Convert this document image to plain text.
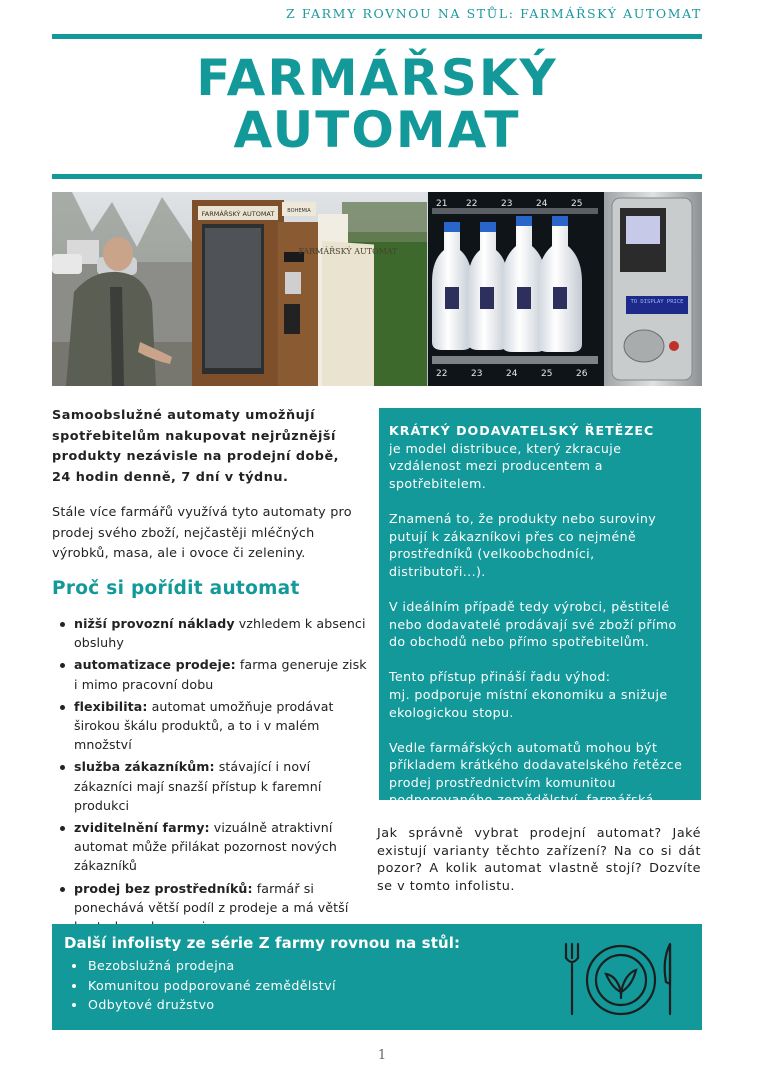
Z FARMY ROVNOU NA STŮL: FARMÁŘSKÝ AUTOMAT
FARMÁŘSKÝ
AUTOMAT
FARMÁŘSKÝ AUTOMAT	BOHEMIA
FARMÁŘSKÝ AUTOMAT
21 22	23	24	25
22	23	24	25	26
TO DISPLAY PRICE
Samoobslužné automaty umožňují spotřebitelům nakupovat nejrůznější produkty nezávisle na prodejní době, 24 hodin denně, 7 dní v týdnu.
Stále více farmářů využívá tyto automaty pro prodej svého zboží, nejčastěji mléčných výrobků, masa, ale i ovoce či zeleniny.
Proč si pořídit automat
nižší provozní náklady vzhledem k absenci obsluhy
automatizace prodeje: farma generuje zisk i mimo pracovní dobu
flexibilita: automat umožňuje prodávat širokou škálu produktů, a to i v malém množství
služba zákazníkům: stávající i noví zákazníci mají snazší přístup k faremní produkci
zviditelnění farmy: vizuálně atraktivní automat může přilákat pozornost nových zákazníků
prodej bez prostředníků: farmář si ponechává větší podíl z prodeje a má větší
KRÁTKÝ DODAVATELSKÝ ŘETĚZEC

je model distribuce, který zkracuje vzdálenost mezi producentem a spotřebitelem.

Znamená to, že produkty nebo suroviny putují k zákazníkovi přes co nejméně prostředníků (velkoobchodníci, distributoři...).

V ideálním případě tedy výrobci, pěstitelé nebo dodavatelé prodávají své zboží přímo do obchodů nebo přímo spotřebitelům.

Tento přístup přináší řadu výhod:
mj. podporuje místní ekonomiku a snižuje ekologickou stopu.

Vedle farmářských automatů mohou být příkladem krátkého dodavatelského řetězce prodej prostřednictvím komunitou podporovaného zemědělství, farmářská prodejna či spolkový obchod.

Jak správně vybrat prodejní automat? Jaké existují varianty těchto zařízení? Na co si dát pozor? A kolik automat vlastně stojí? Dozvíte se v tomto infolistu.
Další infolisty ze série Z farmy rovnou na stůl:
Bezobslužná prodejna
Komunitou podporované zemědělství
Odbytové družstvo
1
